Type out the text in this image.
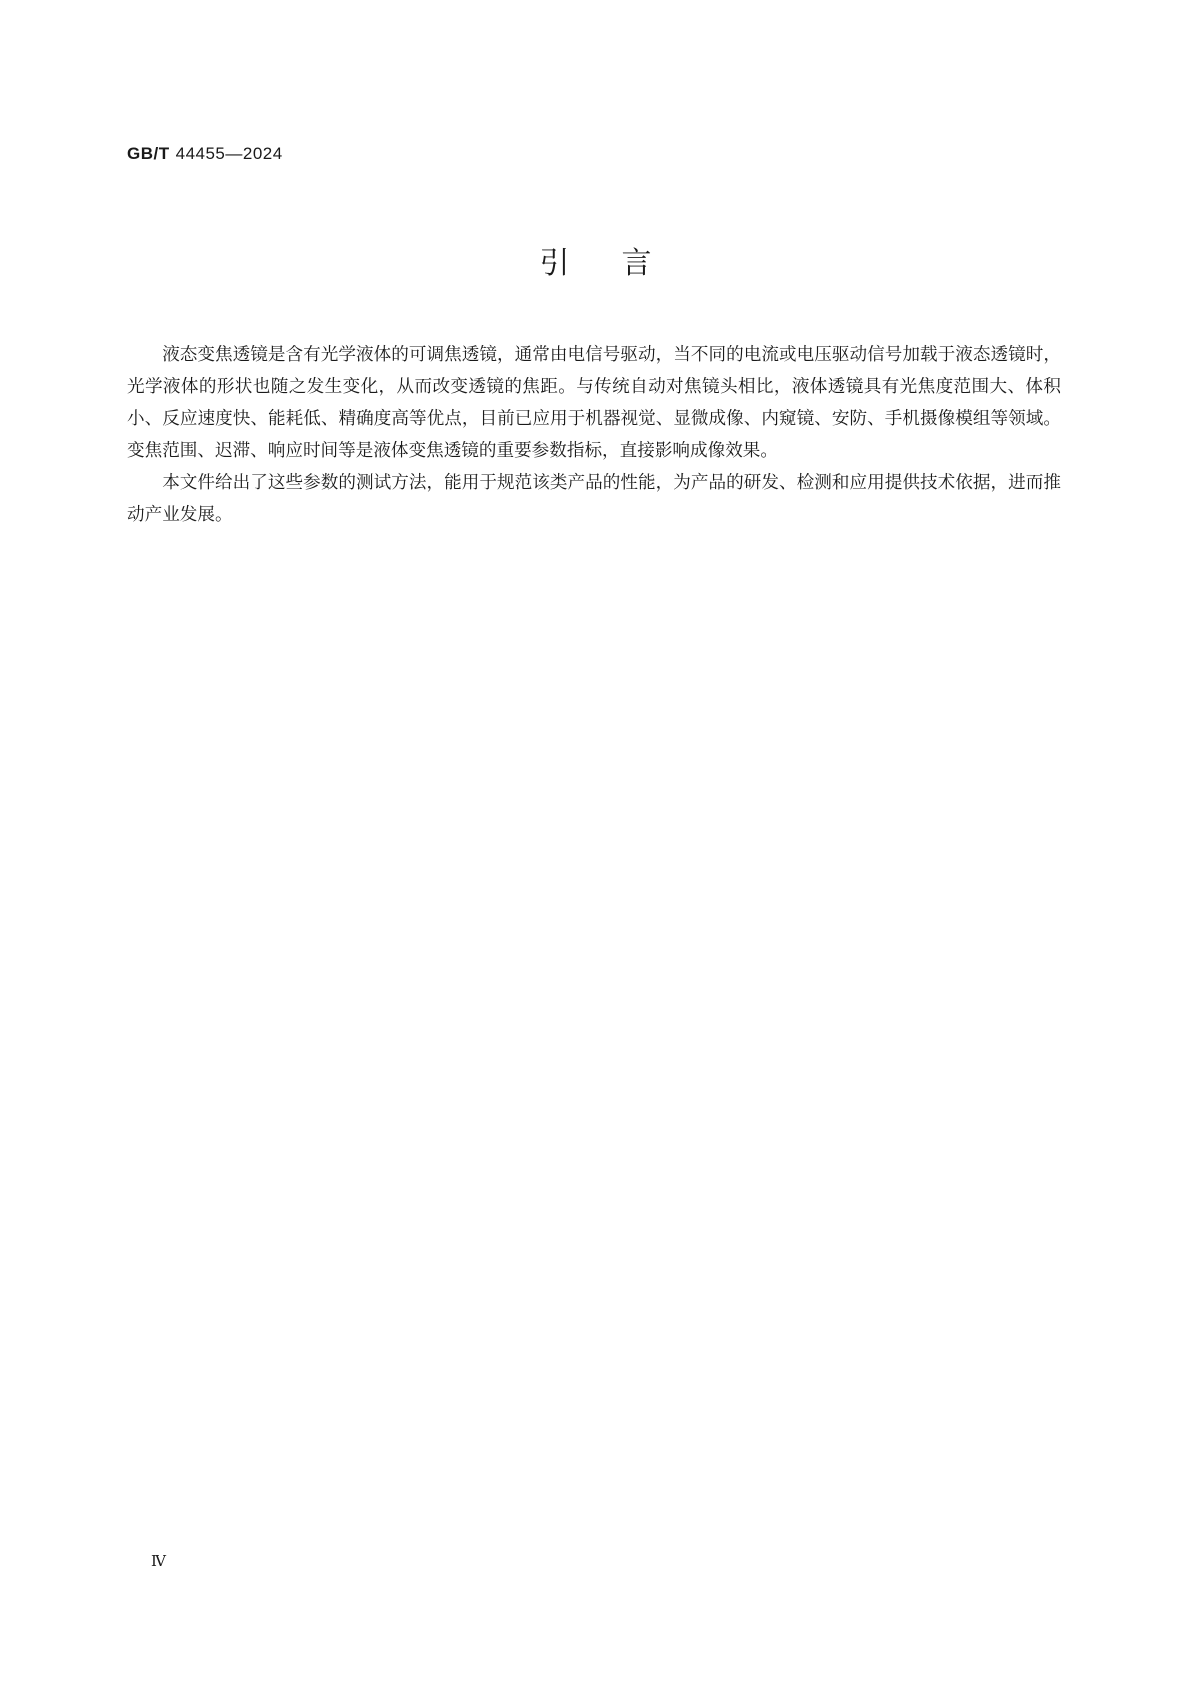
GB/T 44455—2024
引言

液态变焦透镜是含有光学液体的可调焦透镜，通常由电信号驱动，当不同的电流或电压驱动信号加载于液态透镜时，光学液体的形状也随之发生变化，从而改变透镜的焦距。与传统自动对焦镜头相比，液体透镜具有光焦度范围大、体积小、反应速度快、能耗低、精确度高等优点，目前已应用于机器视觉、显微成像、内窥镜、安防、手机摄像模组等领域。变焦范围、迟滞、响应时间等是液体变焦透镜的重要参数指标，直接影响成像效果。

本文件给出了这些参数的测试方法，能用于规范该类产品的性能，为产品的研发、检测和应用提供技术依据，进而推动产业发展。

Ⅳ
